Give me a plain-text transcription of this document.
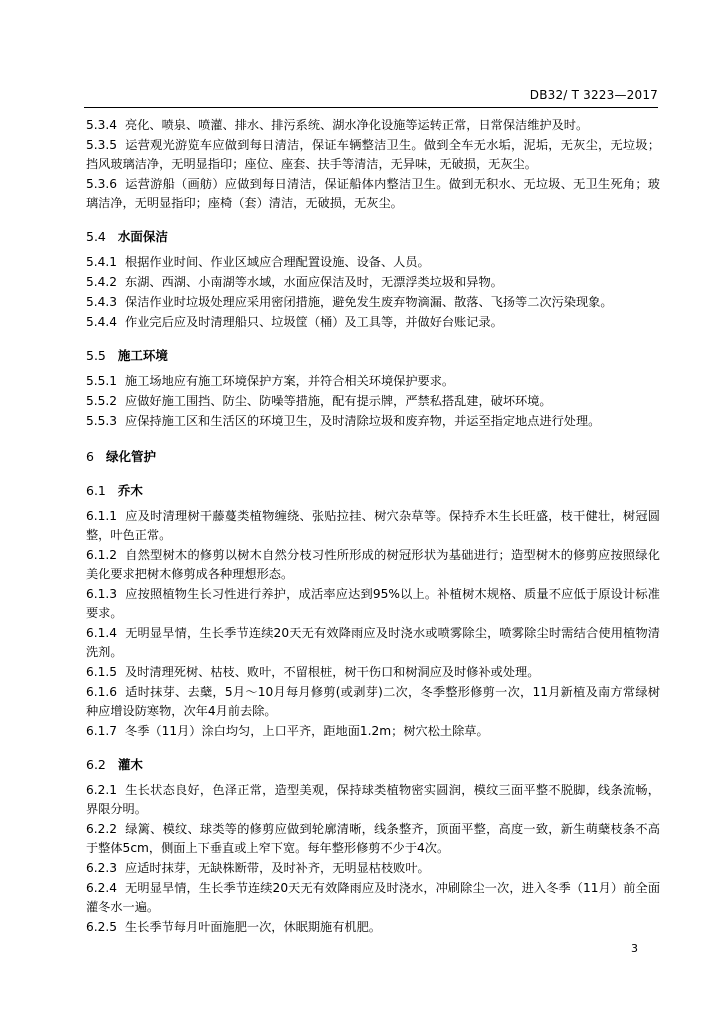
DB32/ T 3223—2017
5.3.4 亮化、喷泉、喷灌、排水、排污系统、湖水净化设施等运转正常，日常保洁维护及时。
5.3.5 运营观光游览车应做到每日清洁，保证车辆整洁卫生。做到全车无水垢，泥垢，无灰尘，无垃圾；挡风玻璃洁净，无明显指印；座位、座套、扶手等清洁，无异味，无破损，无灰尘。
5.3.6 运营游船（画舫）应做到每日清洁，保证船体内整洁卫生。做到无积水、无垃圾、无卫生死角；玻璃洁净，无明显指印；座椅（套）清洁，无破损，无灰尘。
5.4 水面保洁
5.4.1 根据作业时间、作业区域应合理配置设施、设备、人员。
5.4.2 东湖、西湖、小南湖等水域，水面应保洁及时，无漂浮类垃圾和异物。
5.4.3 保洁作业时垃圾处理应采用密闭措施，避免发生废弃物滴漏、散落、飞扬等二次污染现象。
5.4.4 作业完后应及时清理船只、垃圾筐（桶）及工具等，并做好台账记录。
5.5 施工环境
5.5.1 施工场地应有施工环境保护方案，并符合相关环境保护要求。
5.5.2 应做好施工围挡、防尘、防噪等措施，配有提示牌，严禁私搭乱建，破坏环境。
5.5.3 应保持施工区和生活区的环境卫生，及时清除垃圾和废弃物，并运至指定地点进行处理。
6 绿化管护
6.1 乔木
6.1.1 应及时清理树干藤蔓类植物缠绕、张贴拉挂、树穴杂草等。保持乔木生长旺盛，枝干健壮，树冠圆整，叶色正常。
6.1.2 自然型树木的修剪以树木自然分枝习性所形成的树冠形状为基础进行；造型树木的修剪应按照绿化美化要求把树木修剪成各种理想形态。
6.1.3 应按照植物生长习性进行养护，成活率应达到95%以上。补植树木规格、质量不应低于原设计标准要求。
6.1.4 无明显旱情，生长季节连续20天无有效降雨应及时浇水或喷雾除尘，喷雾除尘时需结合使用植物清洗剂。
6.1.5 及时清理死树、枯枝、败叶，不留根桩，树干伤口和树洞应及时修补或处理。
6.1.6 适时抹芽、去蘖，5月～10月每月修剪(或剥芽)二次，冬季整形修剪一次，11月新植及南方常绿树种应增设防寒物，次年4月前去除。
6.1.7 冬季（11月）涂白均匀，上口平齐，距地面1.2m；树穴松土除草。
6.2 灌木
6.2.1 生长状态良好，色泽正常，造型美观，保持球类植物密实圆润，模纹三面平整不脱脚，线条流畅，界限分明。
6.2.2 绿篱、模纹、球类等的修剪应做到轮廓清晰，线条整齐，顶面平整，高度一致，新生萌蘖枝条不高于整体5cm，侧面上下垂直或上窄下宽。每年整形修剪不少于4次。
6.2.3 应适时抹芽，无缺株断带，及时补齐，无明显枯枝败叶。
6.2.4 无明显旱情，生长季节连续20天无有效降雨应及时浇水，冲刷除尘一次，进入冬季（11月）前全面灌冬水一遍。
6.2.5 生长季节每月叶面施肥一次，休眠期施有机肥。
3
